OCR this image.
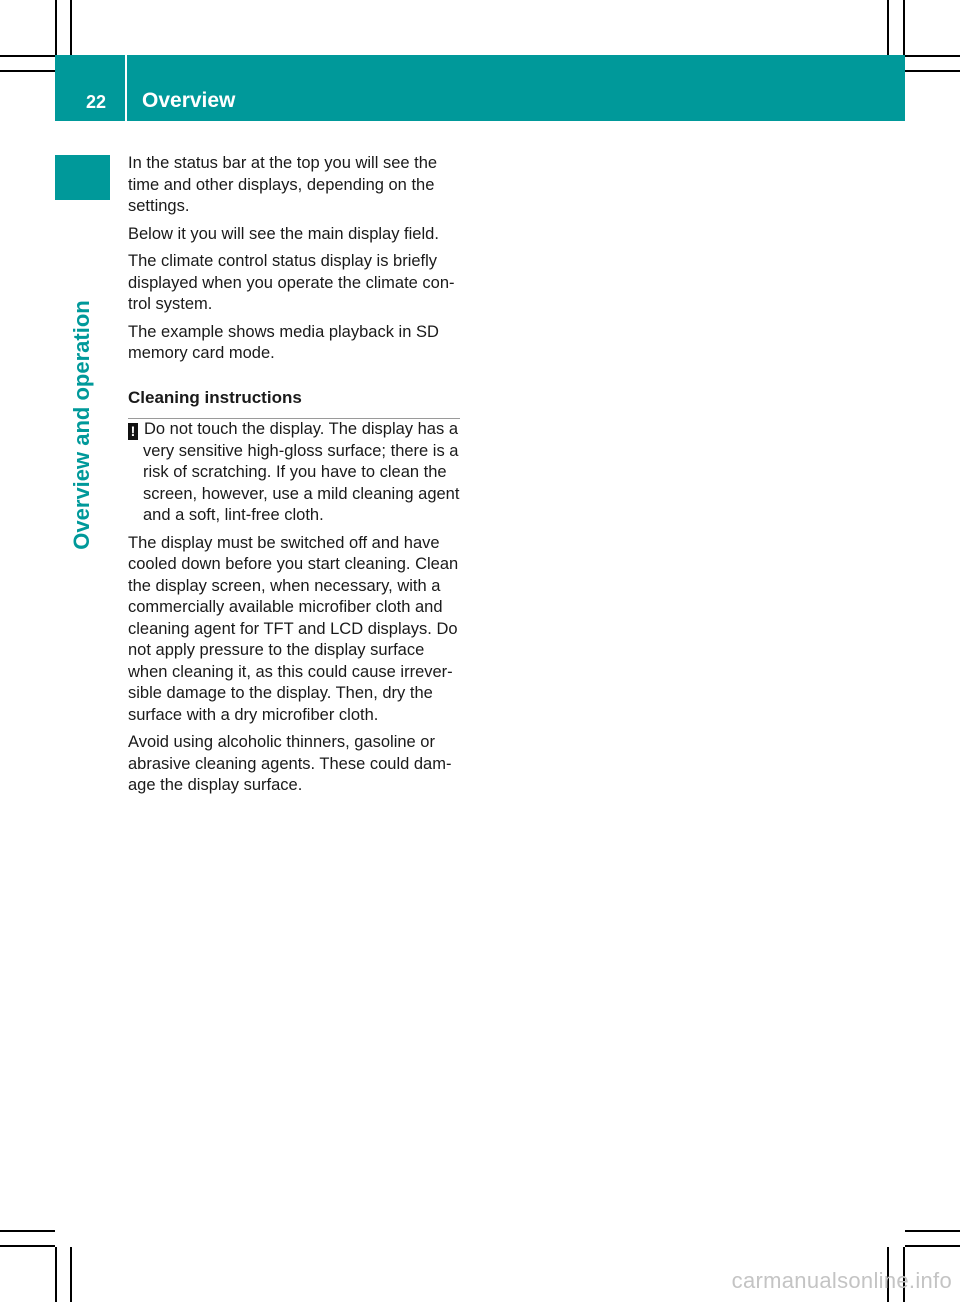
22 Overview
Overview and operation

In the status bar at the top you will see the time and other displays, depending on the settings.

Below it you will see the main display field.

The climate control status display is briefly displayed when you operate the climate con- trol system.

The example shows media playback in SD memory card mode.

Cleaning instructions

! Do not touch the display. The display has a very sensitive high-gloss surface; there is a risk of scratching. If you have to clean the screen, however, use a mild cleaning agent and a soft, lint-free cloth.

The display must be switched off and have cooled down before you start cleaning. Clean the display screen, when necessary, with a commercially available microfiber cloth and cleaning agent for TFT and LCD displays. Do not apply pressure to the display surface when cleaning it, as this could cause irrever- sible damage to the display. Then, dry the surface with a dry microfiber cloth.

Avoid using alcoholic thinners, gasoline or abrasive cleaning agents. These could dam- age the display surface.

carmanualsonline.info
